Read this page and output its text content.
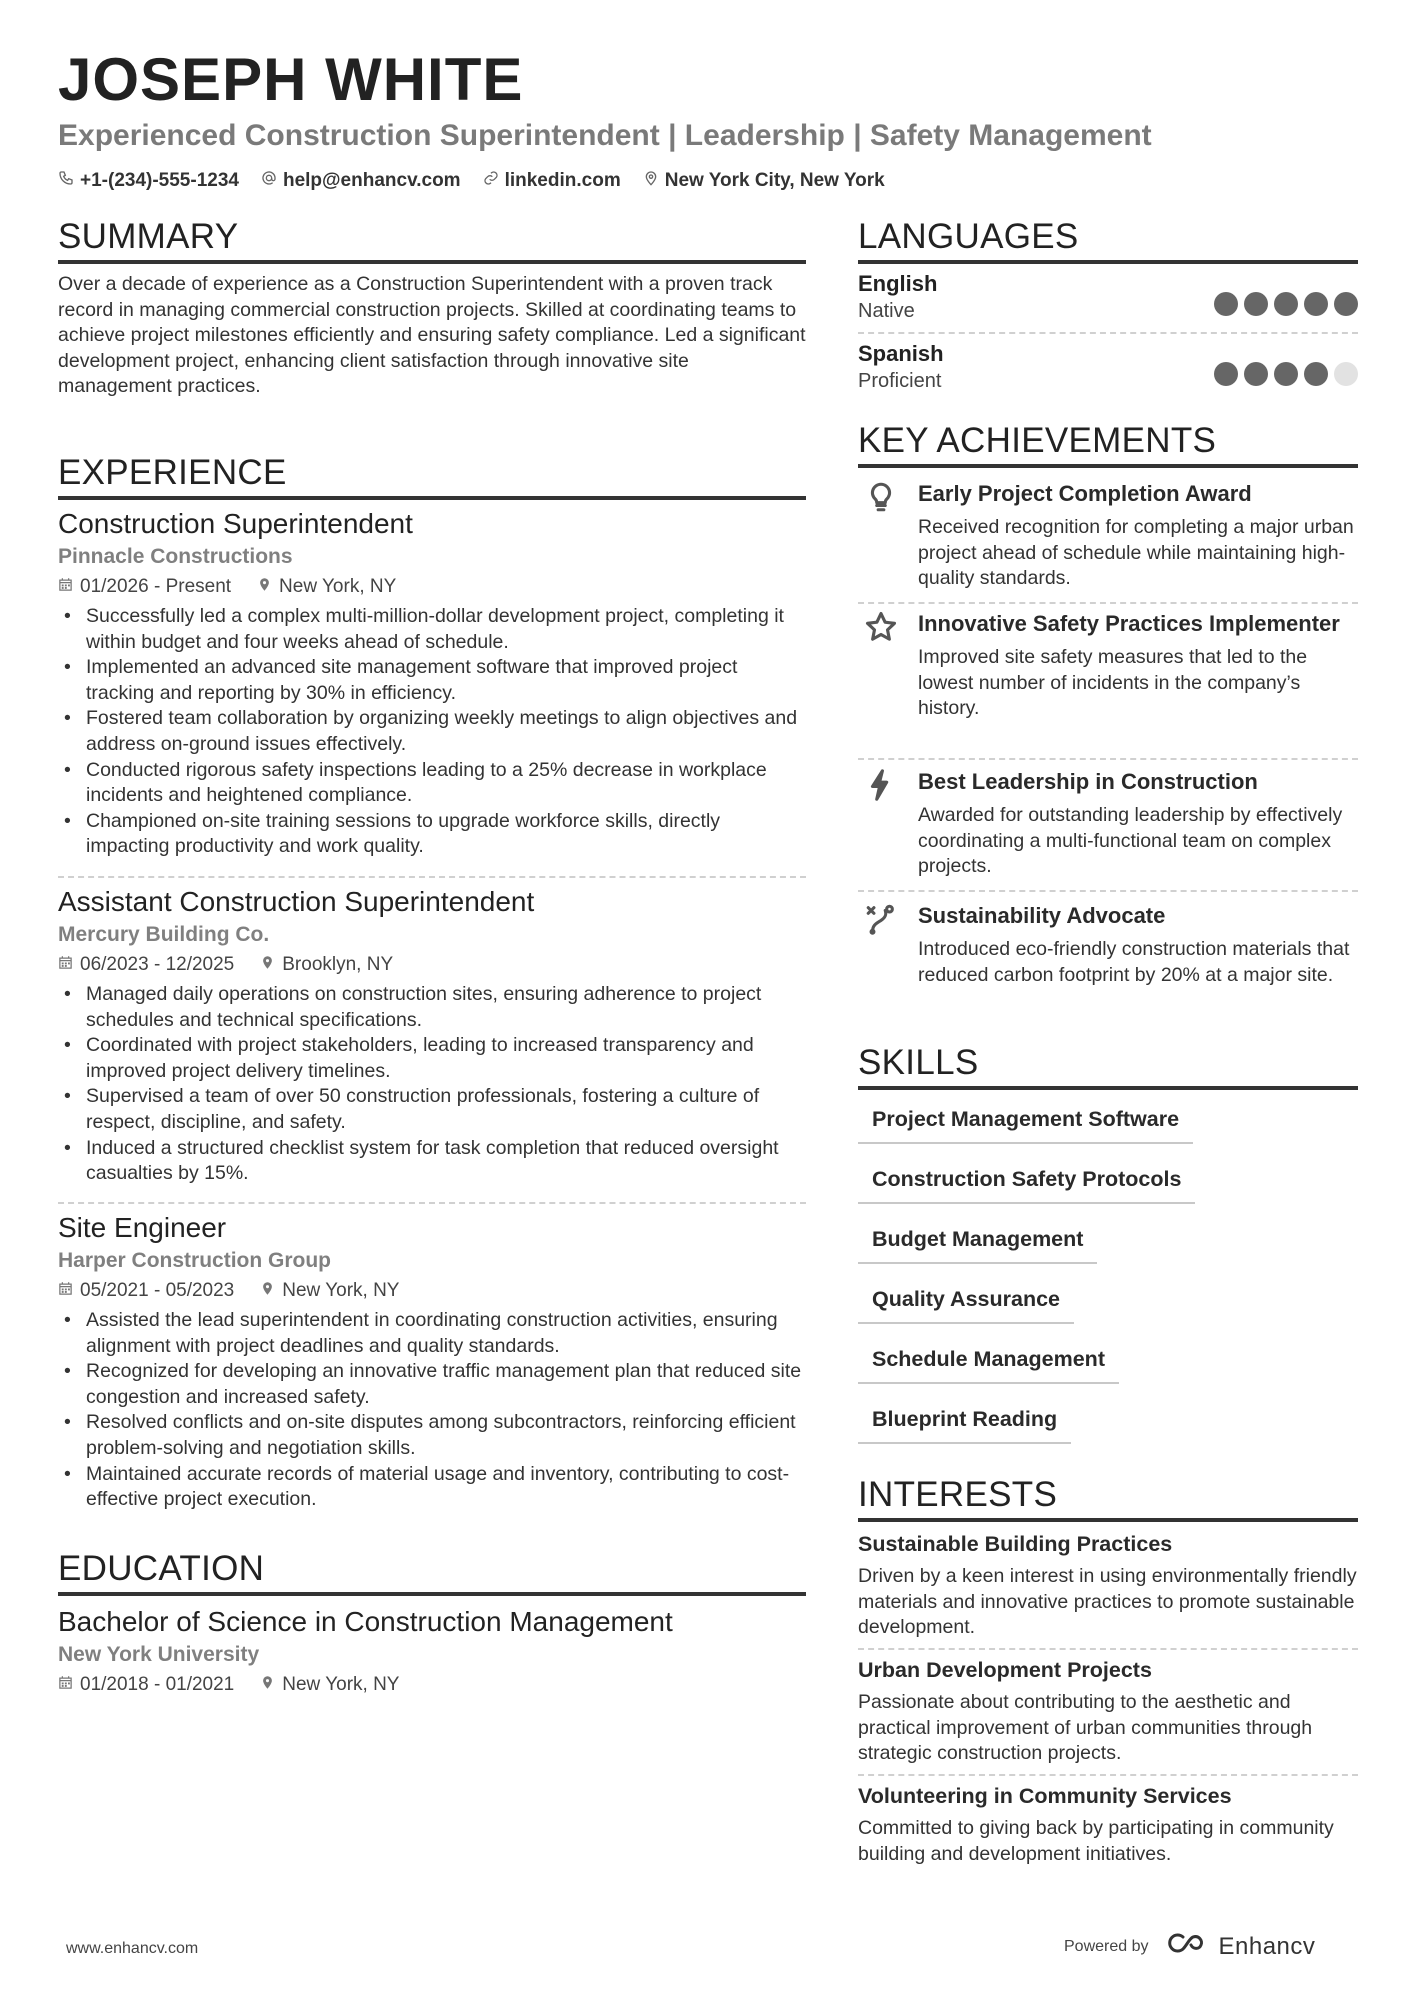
JOSEPH WHITE
Experienced Construction Superintendent | Leadership | Safety Management
+1-(234)-555-1234 help@enhancv.com linkedin.com New York City, New York
SUMMARY
Over a decade of experience as a Construction Superintendent with a proven track record in managing commercial construction projects. Skilled at coordinating teams to achieve project milestones efficiently and ensuring safety compliance. Led a significant development project, enhancing client satisfaction through innovative site management practices.
EXPERIENCE
Construction Superintendent
Pinnacle Constructions
01/2026 - Present	New York, NY
• Successfully led a complex multi-million-dollar development project, completing it within budget and four weeks ahead of schedule.
• Implemented an advanced site management software that improved project tracking and reporting by 30% in efficiency.
• Fostered team collaboration by organizing weekly meetings to align objectives and address on-ground issues effectively.
• Conducted rigorous safety inspections leading to a 25% decrease in workplace incidents and heightened compliance.
• Championed on-site training sessions to upgrade workforce skills, directly impacting productivity and work quality.
Assistant Construction Superintendent
Mercury Building Co.
06/2023 - 12/2025	Brooklyn, NY
• Managed daily operations on construction sites, ensuring adherence to project schedules and technical specifications.
• Coordinated with project stakeholders, leading to increased transparency and improved project delivery timelines.
• Supervised a team of over 50 construction professionals, fostering a culture of respect, discipline, and safety.
• Induced a structured checklist system for task completion that reduced oversight casualties by 15%.
Site Engineer
Harper Construction Group
05/2021 - 05/2023	New York, NY
• Assisted the lead superintendent in coordinating construction activities, ensuring alignment with project deadlines and quality standards.
• Recognized for developing an innovative traffic management plan that reduced site congestion and increased safety.
• Resolved conflicts and on-site disputes among subcontractors, reinforcing efficient problem-solving and negotiation skills.
• Maintained accurate records of material usage and inventory, contributing to cost-effective project execution.
EDUCATION
Bachelor of Science in Construction Management
New York University
01/2018 - 01/2021	New York, NY
LANGUAGES
English
Native
Spanish
Proficient
KEY ACHIEVEMENTS
Early Project Completion Award
Received recognition for completing a major urban project ahead of schedule while maintaining high-quality standards.
Innovative Safety Practices Implementer
Improved site safety measures that led to the lowest number of incidents in the company’s history.
Best Leadership in Construction
Awarded for outstanding leadership by effectively coordinating a multi-functional team on complex projects.
Sustainability Advocate
Introduced eco-friendly construction materials that reduced carbon footprint by 20% at a major site.
SKILLS
Project Management Software
Construction Safety Protocols
Budget Management
Quality Assurance
Schedule Management
Blueprint Reading
INTERESTS
Sustainable Building Practices
Driven by a keen interest in using environmentally friendly materials and innovative practices to promote sustainable development.
Urban Development Projects
Passionate about contributing to the aesthetic and practical improvement of urban communities through strategic construction projects.
Volunteering in Community Services
Committed to giving back by participating in community building and development initiatives.
www.enhancv.com	Powered by	Enhancv
